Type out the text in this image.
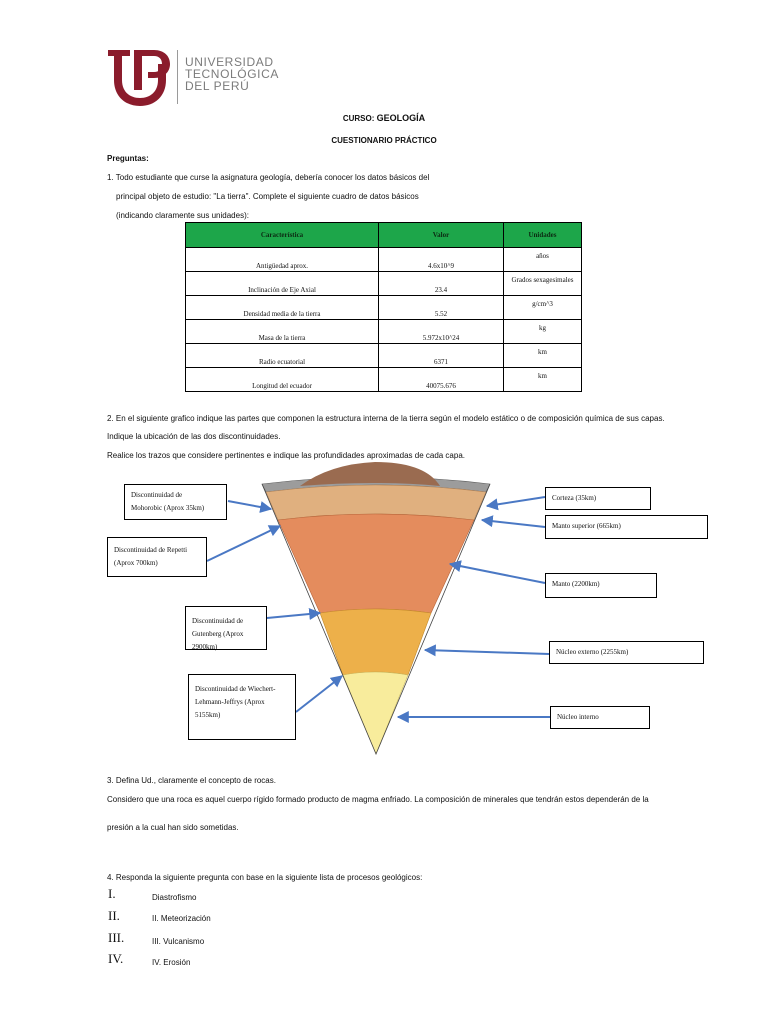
UNIVERSIDAD
TECNOLÓGICA
DEL PERÚ
CURSO: GEOLOGÍA
CUESTIONARIO PRÁCTICO
Preguntas:
1. Todo estudiante que curse la asignatura geología, debería conocer los datos básicos del
principal objeto de estudio: "La tierra". Complete el siguiente cuadro de datos básicos
(indicando claramente sus unidades):
Característica	Valor	Unidades

Antigüedad aprox.	4.6x10^9	años

Inclinación de Eje Axial	23.4	Grados sexagesimales

Densidad media de la tierra	5.52	g/cm^3

Masa de la tierra	5.972x10^24	kg

Radio ecuatorial	6371	km

Longitud del ecuador	40075.676	km
2. En el siguiente grafico indique las partes que componen la estructura interna de la tierra según el modelo estático o de composición química de sus capas.
Indique la ubicación de las dos discontinuidades.
Realice los trazos que considere pertinentes e indique las profundidades aproximadas de cada capa.
Discontinuidad de Mohorobic (Aprox 35km)
Discontinuidad de Repetti (Aprox 700km)
Discontinuidad de Gutenberg (Aprox 2900km)
Discontinuidad de Wiechert-Lehmann-Jeffrys (Aprox 5155km)
Corteza (35km)
Manto superior (665km)
Manto (2200km)
Núcleo externo (2255km)
Núcleo interno
3. Defina Ud., claramente el concepto de rocas.
Considero que una roca es aquel cuerpo rígido formado producto de magma enfriado. La composición de minerales que tendrán estos dependerán de la
presión a la cual han sido sometidas.
4. Responda la siguiente pregunta con base en la siguiente lista de procesos geológicos:
I.	Diastrofismo
II.	II. Meteorización
III.	III. Vulcanismo
IV.	IV. Erosión
